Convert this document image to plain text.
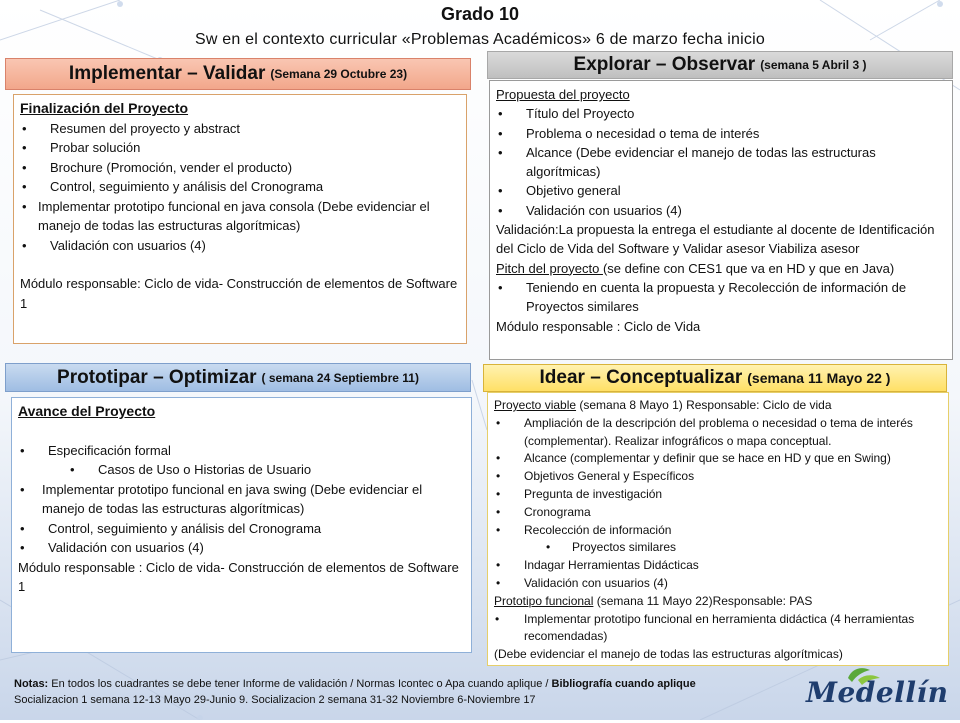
Grado 10
Sw en el contexto curricular «Problemas Académicos» 6 de marzo fecha inicio
Implementar – Validar (Semana 29 Octubre 23)
Finalización del Proyecto
• Resumen del proyecto y abstract
• Probar solución
• Brochure (Promoción, vender el producto)
• Control, seguimiento y análisis del Cronograma
• Implementar prototipo funcional en java consola (Debe evidenciar el manejo de todas las estructuras algorítmicas)
• Validación con usuarios (4)
Módulo responsable: Ciclo de vida- Construcción de elementos de Software 1
Explorar – Observar (semana 5 Abril 3 )
Propuesta del proyecto
• Título del Proyecto
• Problema o necesidad o tema de interés
• Alcance (Debe evidenciar el manejo de todas las estructuras algorítmicas)
• Objetivo general
• Validación con usuarios (4)
Validación:La propuesta la entrega el estudiante al docente de Identificación del Ciclo de Vida del Software y Validar asesor Viabiliza asesor
Pitch del proyecto (se define con CES1 que va en HD y que en Java)
• Teniendo en cuenta la propuesta y Recolección de información de Proyectos similares
Módulo responsable : Ciclo de Vida
Prototipar – Optimizar ( semana 24 Septiembre 11)
Avance del Proyecto
• Especificación formal
• Casos de Uso o Historias de Usuario
• Implementar prototipo funcional en java swing (Debe evidenciar el manejo de todas las estructuras algorítmicas)
• Control, seguimiento y análisis del Cronograma
• Validación con usuarios (4)
Módulo responsable : Ciclo de vida- Construcción de elementos de Software 1
Idear – Conceptualizar (semana 11 Mayo 22 )
Proyecto viable (semana 8 Mayo 1) Responsable: Ciclo de vida
• Ampliación de la descripción del problema o necesidad o tema de interés (complementar). Realizar infográficos o mapa conceptual.
• Alcance (complementar y definir que se hace en HD y que en Swing)
• Objetivos General y Específicos
• Pregunta de investigación
• Cronograma
• Recolección de información
• Proyectos similares
• Indagar Herramientas Didácticas
• Validación con usuarios (4)
Prototipo funcional (semana 11 Mayo 22)Responsable: PAS
• Implementar prototipo funcional en herramienta didáctica (4 herramientas recomendadas)
(Debe evidenciar el manejo de todas las estructuras algorítmicas)
Notas: En todos los cuadrantes se debe tener Informe de validación / Normas Icontec o Apa cuando aplique / Bibliografía cuando aplique
Socializacion 1 semana 12-13 Mayo 29-Junio 9. Socializacion 2 semana 31-32 Noviembre 6-Noviembre 17	Medellín
